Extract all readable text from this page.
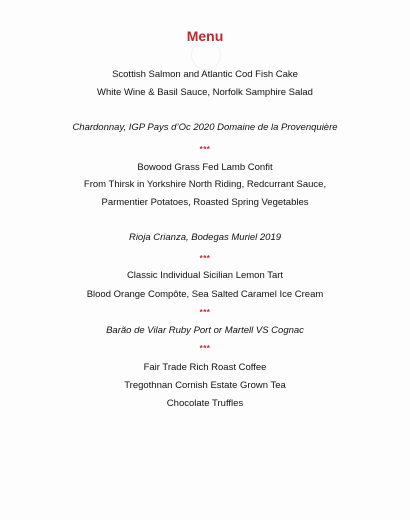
Menu
Scottish Salmon and Atlantic Cod Fish Cake
White Wine & Basil Sauce, Norfolk Samphire Salad
Chardonnay, IGP Pays d’Oc 2020 Domaine de la Provenquière
***
Bowood Grass Fed Lamb Confit
From Thirsk in Yorkshire North Riding, Redcurrant Sauce,
Parmentier Potatoes, Roasted Spring Vegetables
Rioja Crianza, Bodegas Muriel 2019
***
Classic Individual Sicilian Lemon Tart
Blood Orange Compôte, Sea Salted Caramel Ice Cream
***
Barão de Vilar Ruby Port or Martell VS Cognac
***
Fair Trade Rich Roast Coffee
Tregothnan Cornish Estate Grown Tea
Chocolate Truffles
